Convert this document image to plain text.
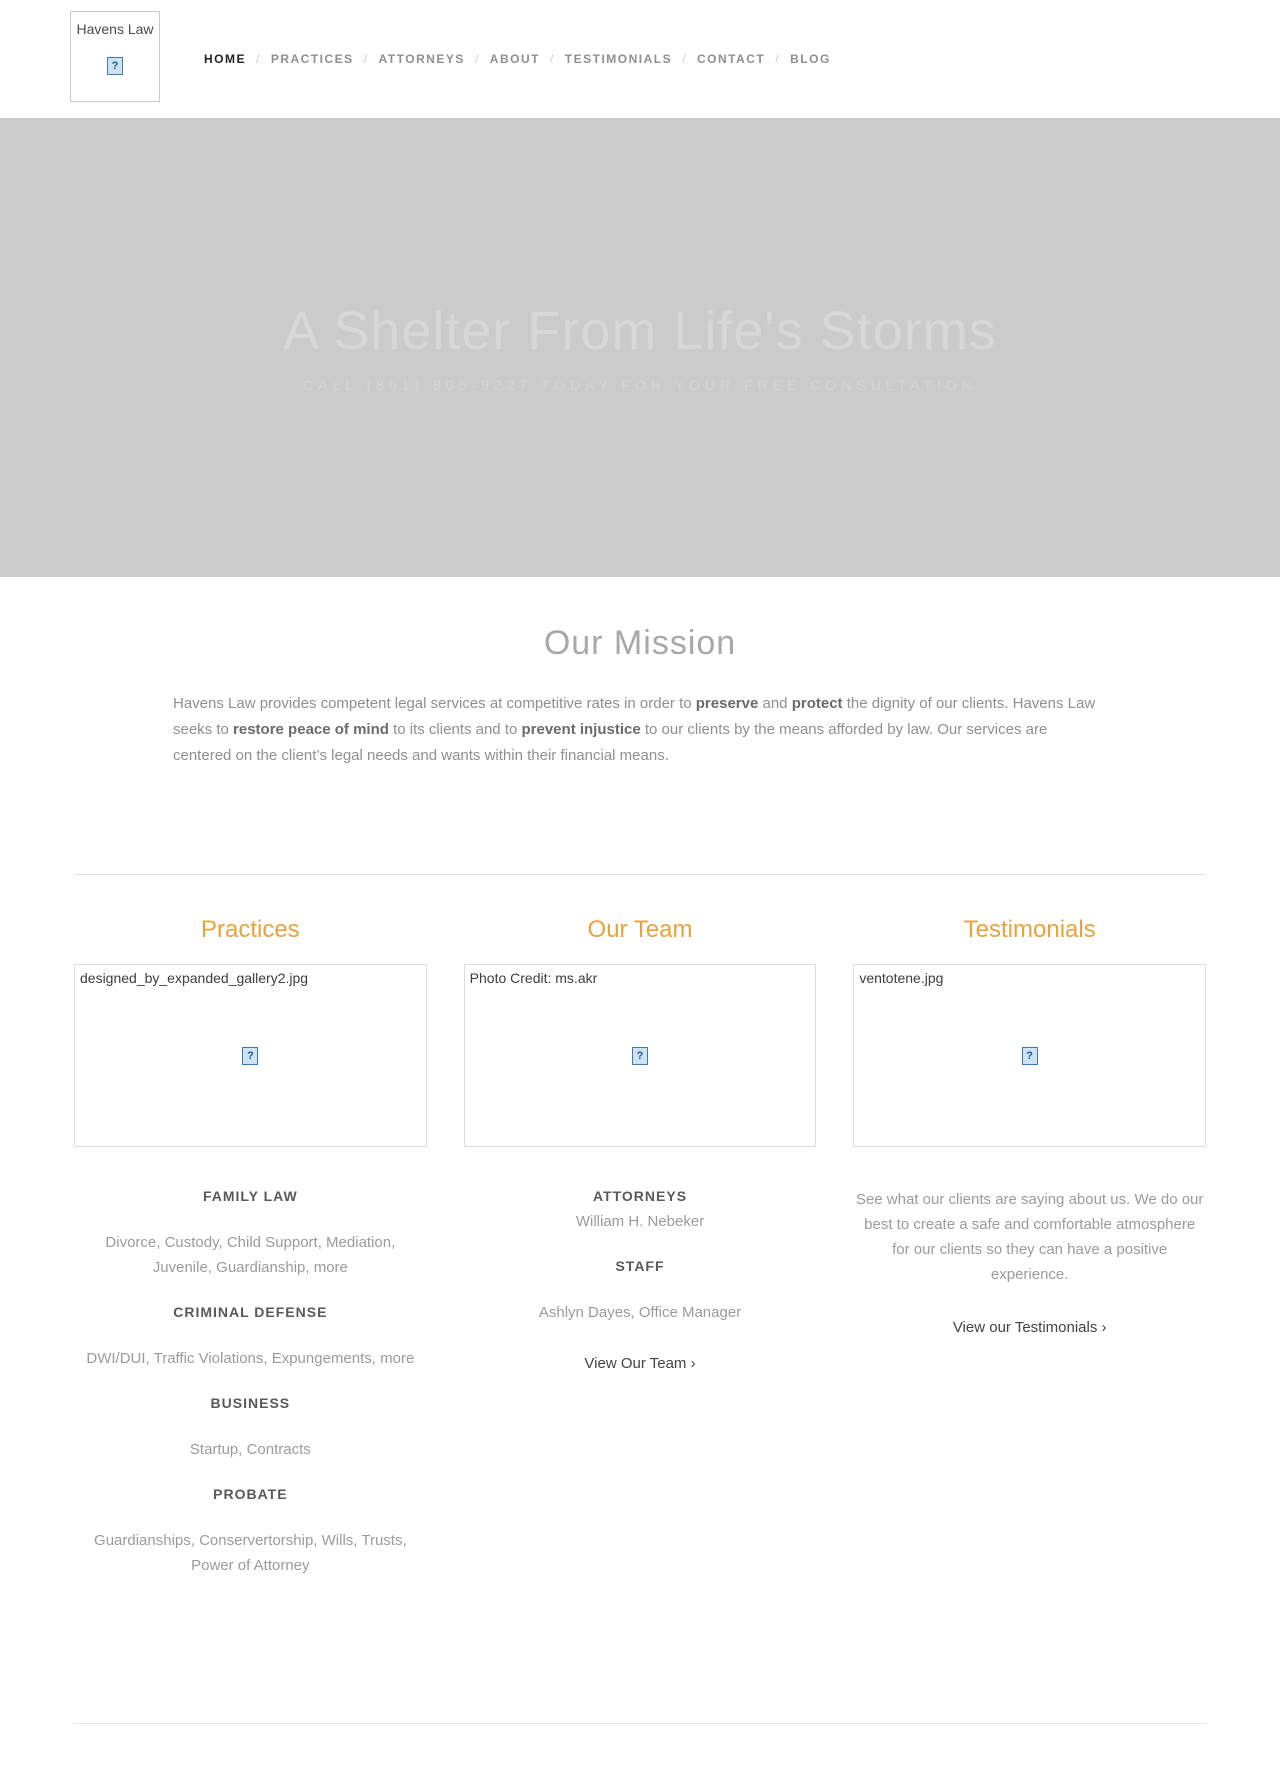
Havens Law
?	HOME / PRACTICES / ATTORNEYS / ABOUT / TESTIMONIALS / CONTACT / BLOG
A Shelter From Life's Storms
CALL (801) 805-9227 TODAY FOR YOUR FREE CONSULTATION
Our Mission

Havens Law provides competent legal services at competitive rates in order to preserve and protect the dignity of our clients. Havens Law seeks to restore peace of mind to its clients and to prevent injustice to our clients by the means afforded by law. Our services are centered on the client’s legal needs and wants within their financial means.

Practices
designed_by_expanded_gallery2.jpg
?
FAMILY LAW

Divorce, Custody, Child Support, Mediation, Juvenile, Guardianship, more

CRIMINAL DEFENSE

DWI/DUI, Traffic Violations, Expungements, more

BUSINESS

Startup, Contracts

PROBATE

Guardianships, Conservertorship, Wills, Trusts, Power of Attorney

Our Team
Photo Credit: ms.akr
?
ATTORNEYS

William H. Nebeker

STAFF

Ashlyn Dayes, Office Manager

View Our Team ›
Testimonials
ventotene.jpg
?

See what our clients are saying about us. We do our best to create a safe and comfortable atmosphere for our clients so they can have a positive experience.

View our Testimonials ›
